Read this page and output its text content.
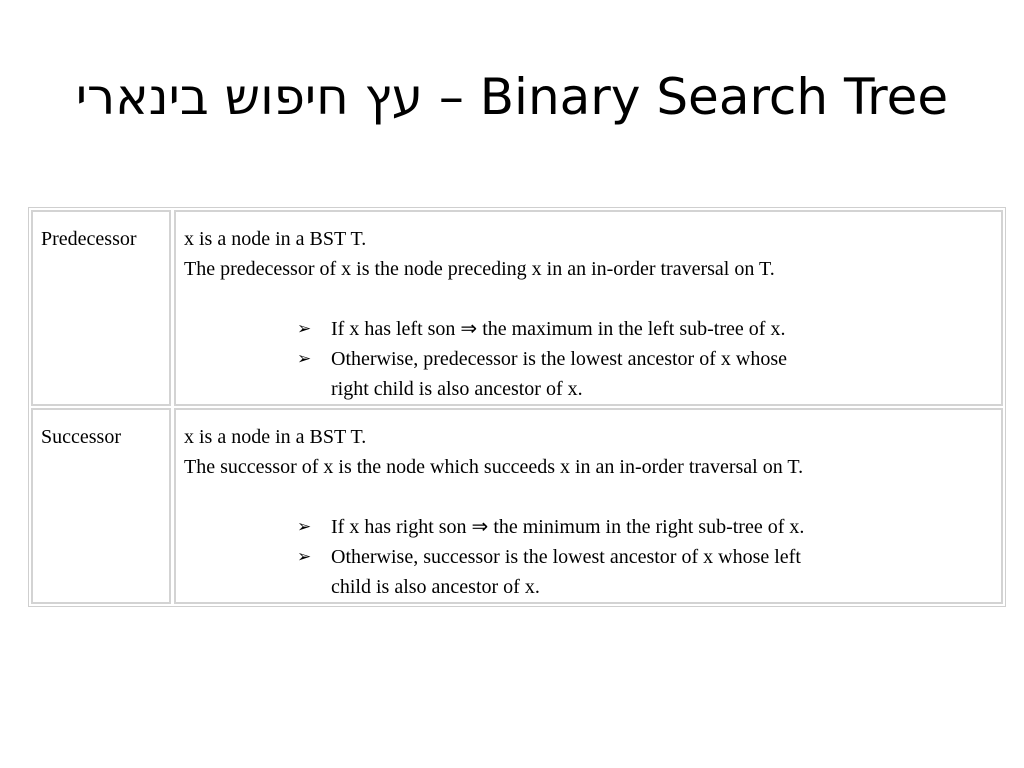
עץ חיפוש בינארי – Binary Search Tree
Predecessor	x is a node in a BST T.
The predecessor of x is the node preceding x in an in-order traversal on T.
➢ If x has left son ⇒ the maximum in the left sub-tree of x.
➢ Otherwise, predecessor is the lowest ancestor of x whose
right child is also ancestor of x.
Successor	x is a node in a BST T.
The successor of x is the node which succeeds x in an in-order traversal on T.
➢ If x has right son ⇒ the minimum in the right sub-tree of x.
➢ Otherwise, successor is the lowest ancestor of x whose left
child is also ancestor of x.
